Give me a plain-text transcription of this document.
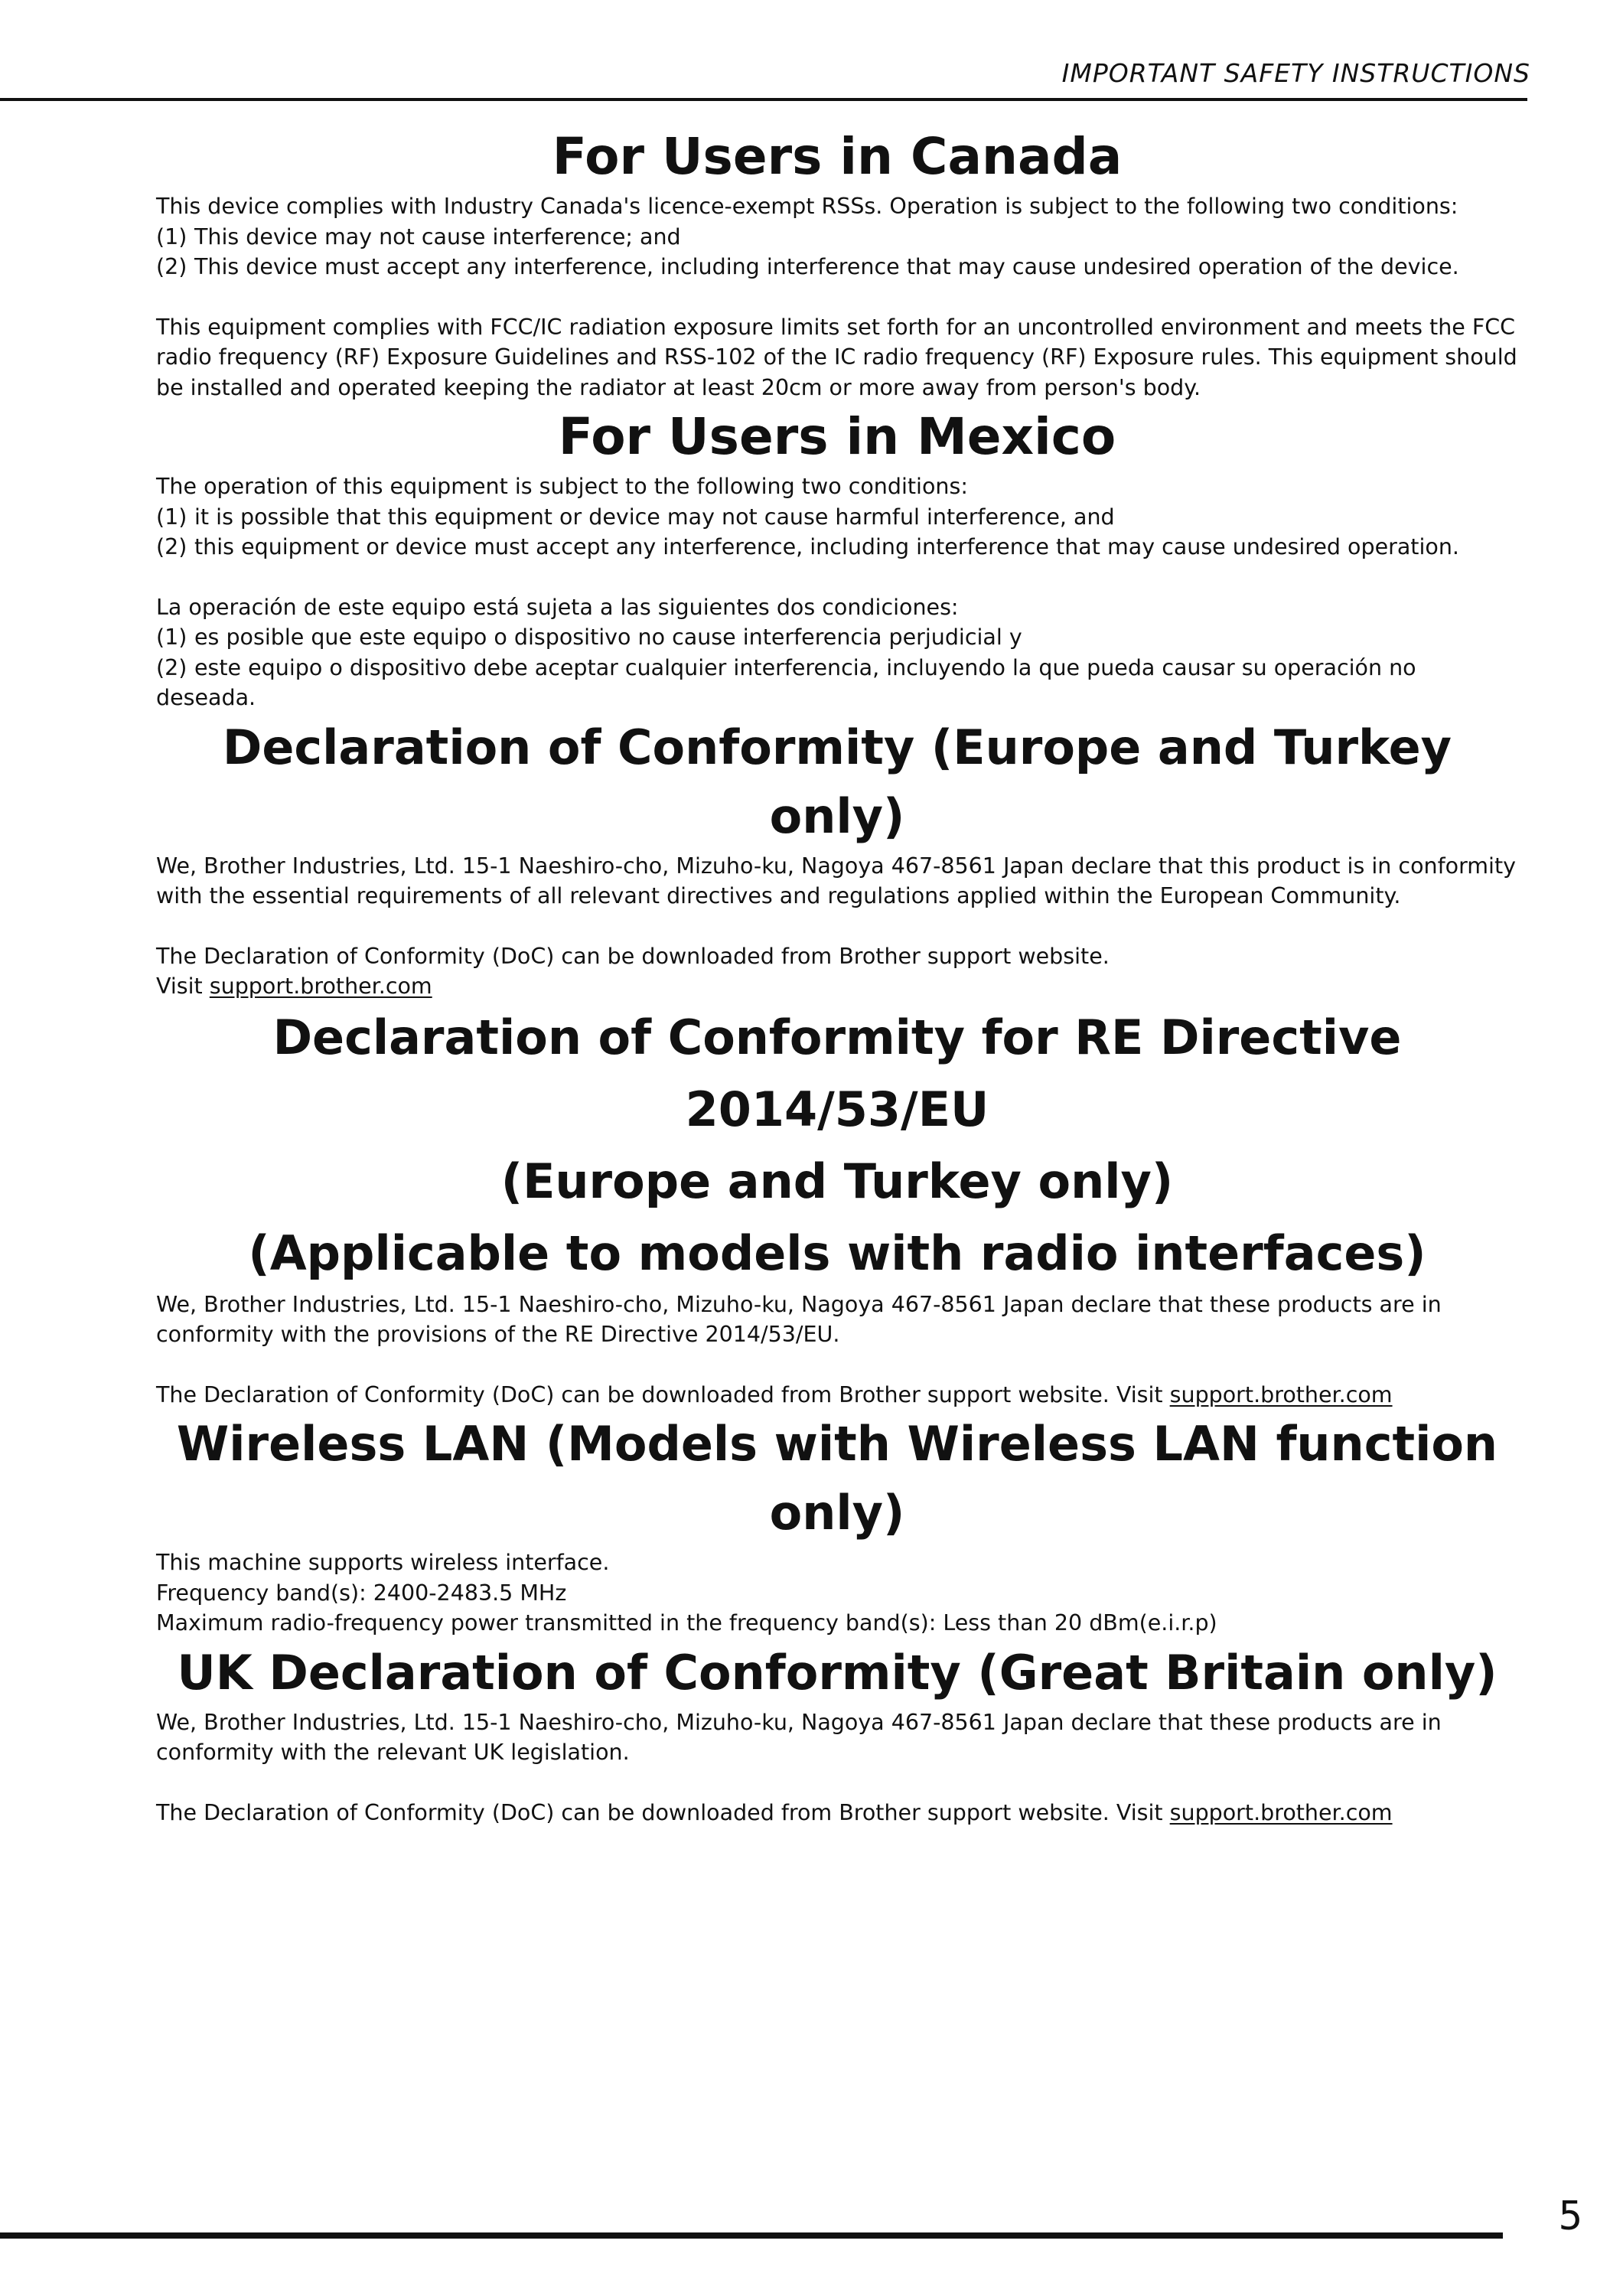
IMPORTANT SAFETY INSTRUCTIONS
For Users in Canada

This device complies with Industry Canada's licence-exempt RSSs. Operation is subject to the following two conditions:

(1) This device may not cause interference; and

(2) This device must accept any interference, including interference that may cause undesired operation of the device.

This equipment complies with FCC/IC radiation exposure limits set forth for an uncontrolled environment and meets the FCC radio frequency (RF) Exposure Guidelines and RSS-102 of the IC radio frequency (RF) Exposure rules. This equipment should be installed and operated keeping the radiator at least 20cm or more away from person's body.

For Users in Mexico

The operation of this equipment is subject to the following two conditions:

(1) it is possible that this equipment or device may not cause harmful interference, and

(2) this equipment or device must accept any interference, including interference that may cause undesired operation.

La operación de este equipo está sujeta a las siguientes dos condiciones:

(1) es posible que este equipo o dispositivo no cause interferencia perjudicial y

(2) este equipo o dispositivo debe aceptar cualquier interferencia, incluyendo la que pueda causar su operación no deseada.

Declaration of Conformity (Europe and Turkey only)

We, Brother Industries, Ltd. 15-1 Naeshiro-cho, Mizuho-ku, Nagoya 467-8561 Japan declare that this product is in conformity with the essential requirements of all relevant directives and regulations applied within the European Community.

The Declaration of Conformity (DoC) can be downloaded from Brother support website.

Visit support.brother.com

Declaration of Conformity for RE Directive 2014/53/EU
(Europe and Turkey only)
(Applicable to models with radio interfaces)

We, Brother Industries, Ltd. 15-1 Naeshiro-cho, Mizuho-ku, Nagoya 467-8561 Japan declare that these products are in conformity with the provisions of the RE Directive 2014/53/EU.

The Declaration of Conformity (DoC) can be downloaded from Brother support website. Visit support.brother.com

Wireless LAN (Models with Wireless LAN function only)

This machine supports wireless interface.

Frequency band(s): 2400-2483.5 MHz

Maximum radio-frequency power transmitted in the frequency band(s): Less than 20 dBm(e.i.r.p)

UK Declaration of Conformity (Great Britain only)

We, Brother Industries, Ltd. 15-1 Naeshiro-cho, Mizuho-ku, Nagoya 467-8561 Japan declare that these products are in conformity with the relevant UK legislation.

The Declaration of Conformity (DoC) can be downloaded from Brother support website. Visit support.brother.com

5
